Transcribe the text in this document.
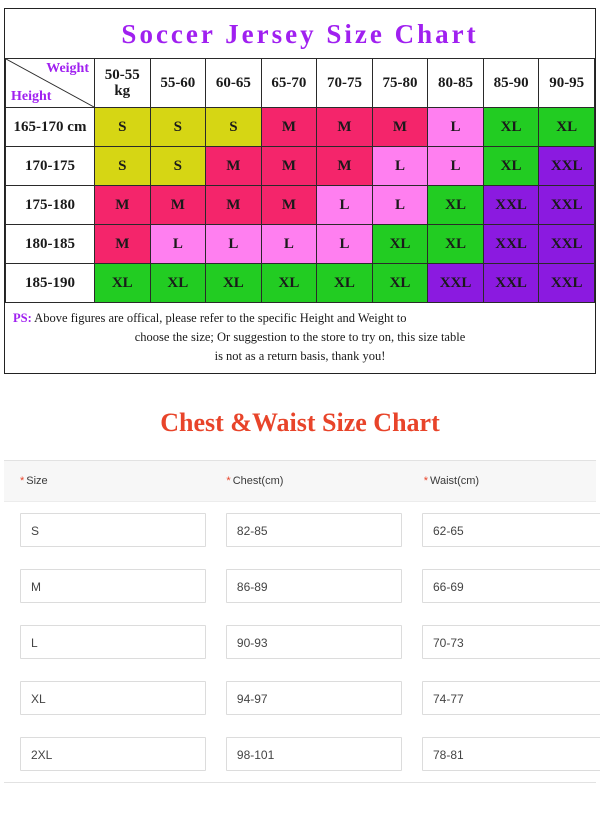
Soccer Jersey Size Chart
Weight
Height	50-55 kg	55-60	60-65	65-70	70-75	75-80	80-85	85-90	90-95
165-170 cm	S	S	S	M	M	M	L	XL	XL
170-175	S	S	M	M	M	L	L	XL	XXL
175-180	M	M	M	M	L	L	XL	XXL	XXL
180-185	M	L	L	L	L	XL	XL	XXL	XXL
185-190	XL	XL	XL	XL	XL	XL	XXL	XXL	XXL
PS: Above figures are offical, please refer to the specific Height and Weight to
choose the size; Or suggestion to the store to try on, this size table
is not as a return basis, thank you!
Chest &Waist Size Chart
* Size	* Chest(cm)	* Waist(cm)
S	82-85	62-65
M	86-89	66-69
L	90-93	70-73
XL	94-97	74-77
2XL	98-101	78-81
